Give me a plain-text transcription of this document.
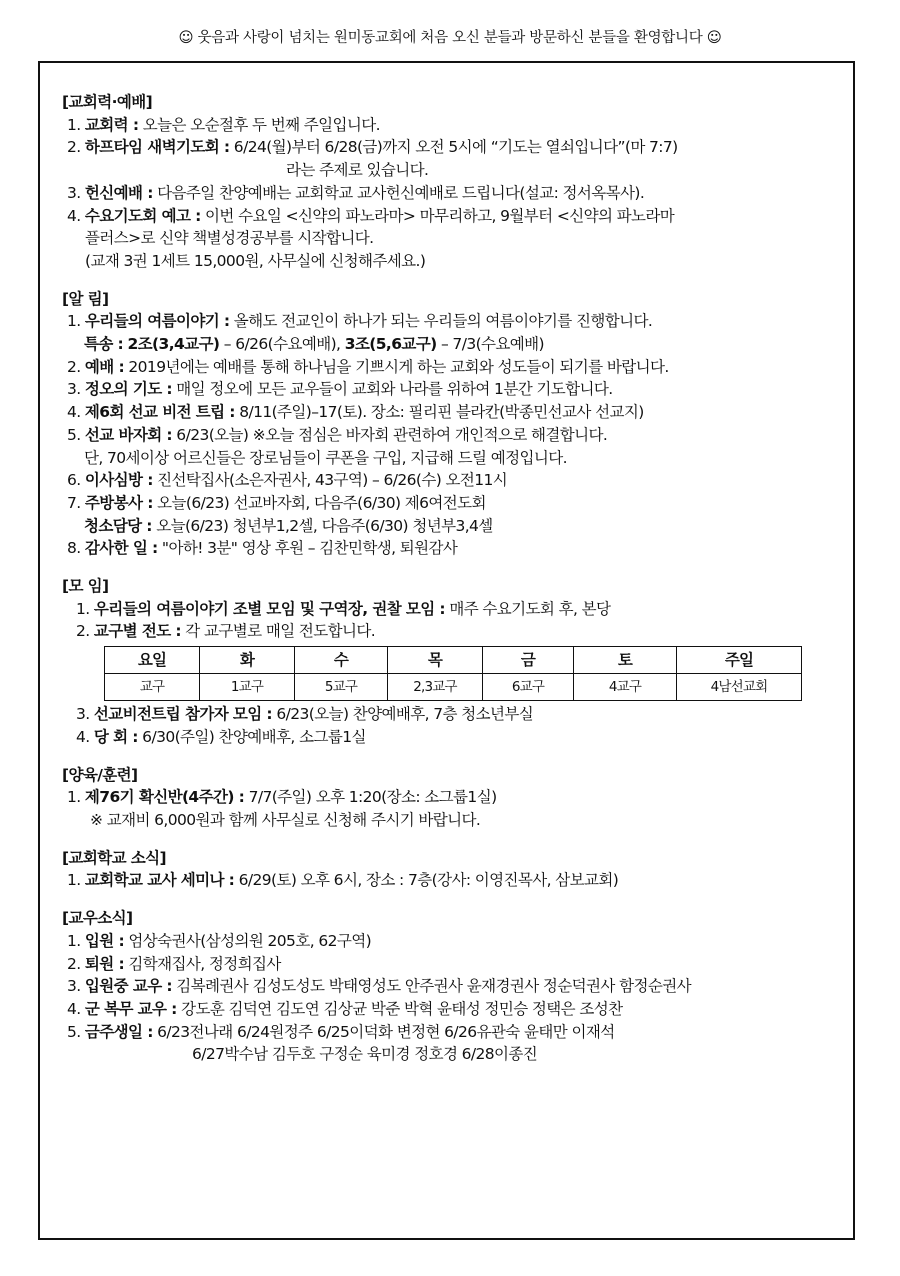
☺ 웃음과 사랑이 넘치는 원미동교회에 처음 오신 분들과 방문하신 분들을 환영합니다 ☺
[교회력·예배]
1. 교회력 : 오늘은 오순절후 두 번째 주일입니다.
2. 하프타임 새벽기도회 : 6/24(월)부터 6/28(금)까지 오전 5시에 “기도는 열쇠입니다”(마 7:7)
라는 주제로 있습니다.
3. 헌신예배 : 다음주일 찬양예배는 교회학교 교사헌신예배로 드립니다(설교: 정서옥목사).
4. 수요기도회 예고 : 이번 수요일 <신약의 파노라마> 마무리하고, 9월부터 <신약의 파노라마
플러스>로 신약 책별성경공부를 시작합니다.
(교재 3권 1세트 15,000원, 사무실에 신청해주세요.)
[알 림]
1. 우리들의 여름이야기 : 올해도 전교인이 하나가 되는 우리들의 여름이야기를 진행합니다.
특송 : 2조(3,4교구) – 6/26(수요예배), 3조(5,6교구) – 7/3(수요예배)
2. 예배 : 2019년에는 예배를 통해 하나님을 기쁘시게 하는 교회와 성도들이 되기를 바랍니다.
3. 정오의 기도 : 매일 정오에 모든 교우들이 교회와 나라를 위하여 1분간 기도합니다.
4. 제6회 선교 비전 트립 : 8/11(주일)–17(토). 장소: 필리핀 블라칸(박종민선교사 선교지)
5. 선교 바자회 : 6/23(오늘) ※오늘 점심은 바자회 관련하여 개인적으로 해결합니다.
단, 70세이상 어르신들은 장로님들이 쿠폰을 구입, 지급해 드릴 예정입니다.
6. 이사심방 : 진선탁집사(소은자권사, 43구역) – 6/26(수) 오전11시
7. 주방봉사 : 오늘(6/23) 선교바자회, 다음주(6/30) 제6여전도회
청소담당 : 오늘(6/23) 청년부1,2셀, 다음주(6/30) 청년부3,4셀
8. 감사한 일 : "아하! 3분" 영상 후원 – 김찬민학생, 퇴원감사
[모 임]
1. 우리들의 여름이야기 조별 모임 및 구역장, 권찰 모임 : 매주 수요기도회 후, 본당
2. 교구별 전도 : 각 교구별로 매일 전도합니다.
요일	화	수	목	금	토	주일
교구	1교구	5교구	2,3교구	6교구	4교구	4남선교회
3. 선교비전트립 참가자 모임 : 6/23(오늘) 찬양예배후, 7층 청소년부실
4. 당 회 : 6/30(주일) 찬양예배후, 소그룹1실
[양육/훈련]
1. 제76기 확신반(4주간) : 7/7(주일) 오후 1:20(장소: 소그룹1실)
※ 교재비 6,000원과 함께 사무실로 신청해 주시기 바랍니다.
[교회학교 소식]
1. 교회학교 교사 세미나 : 6/29(토) 오후 6시, 장소 : 7층(강사: 이영진목사, 삼보교회)
[교우소식]
1. 입원 : 엄상숙권사(삼성의원 205호, 62구역)
2. 퇴원 : 김학재집사, 정정희집사
3. 입원중 교우 : 김복례권사 김성도성도 박태영성도 안주권사 윤재경권사 정순덕권사 함정순권사
4. 군 복무 교우 : 강도훈 김덕연 김도연 김상균 박준 박혁 윤태성 정민승 정택은 조성찬
5. 금주생일 : 6/23전나래 6/24원정주 6/25이덕화 변정현 6/26유관숙 윤태만 이재석
6/27박수남 김두호 구정순 육미경 정호경 6/28이종진
